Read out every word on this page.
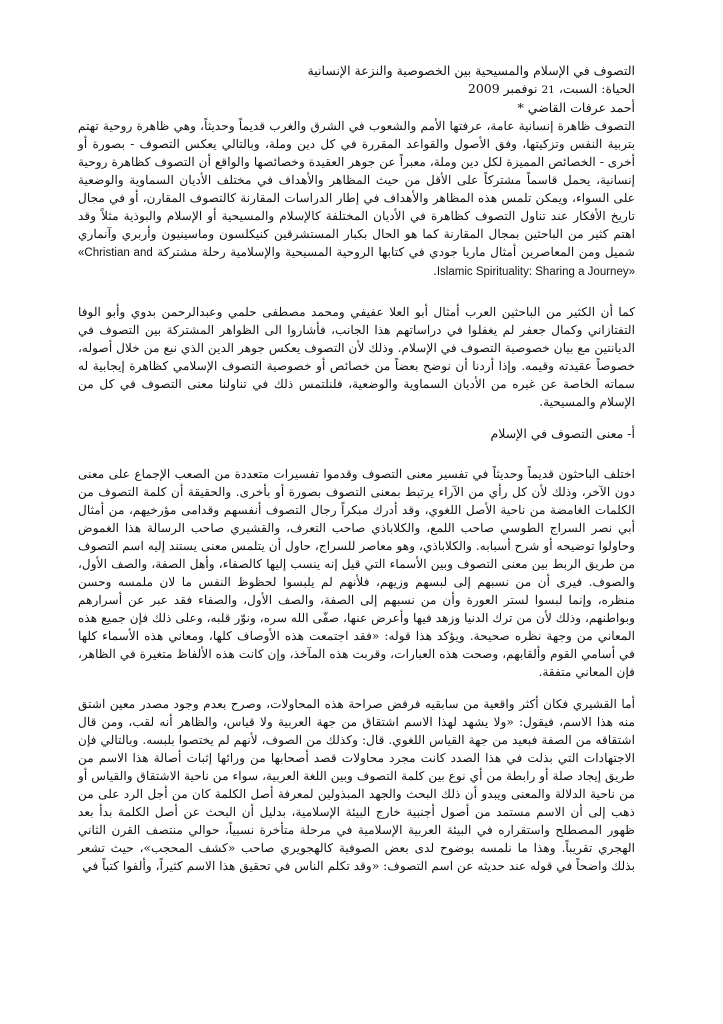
التصوف في الإسلام والمسيحية بين الخصوصية والنزعة الإنسانية

الحياة: السبت، 21 نوفمبر 2009

أحمد عرفات القاضي *

التصوف ظاهرة إنسانية عامة، عرفتها الأمم والشعوب في الشرق والغرب قديماً وحديثاً، وهي ظاهرة روحية تهتم بتربية النفس وتزكيتها، وفق الأصول والقواعد المقررة في كل دين وملة، وبالتالي يعكس التصوف - بصورة أو أخرى - الخصائص المميزة لكل دين وملة، معبراً عن جوهر العقيدة وخصائصها والواقع أن التصوف كظاهرة روحية إنسانية، يحمل قاسماً مشتركاً على الأقل من حيث المظاهر والأهداف في مختلف الأديان السماوية والوضعية على السواء، ويمكن تلمس هذه المظاهر والأهداف في إطار الدراسات المقارنة كالتصوف المقارن، أو في مجال تاريخ الأفكار عند تناول التصوف كظاهرة في الأديان المختلفة كالإسلام والمسيحية أو الإسلام والبوذية مثلاً وقد اهتم كثير من الباحثين بمجال المقارنة كما هو الحال بكبار المستشرقين كنيكلسون وماسينيون وأربري وآنماري شميل ومن المعاصرين أمثال ماريا جودي في كتابها الروحية المسيحية والإسلامية رحلة مشتركة «Christian and Islamic Spirituality: Sharing a Journey».

كما أن الكثير من الباحثين العرب أمثال أبو العلا عفيفي ومحمد مصطفى حلمي وعبدالرحمن بدوي وأبو الوفا التفتازاني وكمال جعفر لم يغفلوا في دراساتهم هذا الجانب، فأشاروا الى الظواهر المشتركة بين التصوف في الديانتين مع بيان خصوصية التصوف في الإسلام. وذلك لأن التصوف يعكس جوهر الدين الذي نبع من خلال أصوله، خصوصاً عقيدته وقيمه. وإذا أردنا أن نوضح بعضاً من خصائص أو خصوصية التصوف الإسلامي كظاهرة إيجابية له سماته الخاصة عن غيره من الأديان السماوية والوضعية، فلنلتمس ذلك في تناولنا معنى التصوف في كل من الإسلام والمسيحية.

أ- معنى التصوف في الإسلام

اختلف الباحثون قديماً وحديثاً في تفسير معنى التصوف وقدموا تفسيرات متعددة من الصعب الإجماع على معنى دون الآخر، وذلك لأن كل رأي من الآراء يرتبط بمعنى التصوف بصورة أو بأخرى. والحقيقة أن كلمة التصوف من الكلمات الغامضة من ناحية الأصل اللغوي، وقد أدرك مبكراً رجال التصوف أنفسهم وقدامى مؤرخيهم، من أمثال أبي نصر السراج الطوسي صاحب اللمع، والكلاباذي صاحب التعرف، والقشيري صاحب الرسالة هذا الغموض وحاولوا توضيحه أو شرح أسبابه. والكلاباذي، وهو معاصر للسراج، حاول أن يتلمس معنى يستند إليه اسم التصوف من طريق الربط بين معنى التصوف وبين الأسماء التي قيل إنه ينسب إليها كالصفاء، وأهل الصفة، والصف الأول، والصوف. فيرى أن من نسبهم إلى لبسهم وزيهم، فلأنهم لم يلبسوا لحظوظ النفس ما لان ملمسه وحسن منظره، وإنما لبسوا لستر العورة وأن من نسبهم إلى الصفة، والصف الأول، والصفاء فقد عبر عن أسرارهم وبواطنهم، وذلك لأن من ترك الدنيا وزهد فيها وأعرض عنها، صفّى الله سره، ونوّر قلبه، وعلى ذلك فإن جميع هذه المعاني من وجهة نظره صحيحة. ويؤكد هذا قوله: «فقد اجتمعت هذه الأوصاف كلها، ومعاني هذه الأسماء كلها في أسامي القوم وألقابهم، وصحت هذه العبارات، وقربت هذه المآخذ، وإن كانت هذه الألفاظ متغيرة في الظاهر، فإن المعاني متفقة.

أما القشيري فكان أكثر واقعية من سابقيه فرفض صراحة هذه المحاولات، وصرح بعدم وجود مصدر معين اشتق منه هذا الاسم، فيقول: «ولا يشهد لهذا الاسم اشتقاق من جهة العربية ولا قياس، والظاهر أنه لقب، ومن قال اشتقاقه من الصفة فبعيد من جهة القياس اللغوي. قال: وكذلك من الصوف، لأنهم لم يختصوا بلبسه. وبالتالي فإن الاجتهادات التي بذلت في هذا الصدد كانت مجرد محاولات قصد أصحابها من ورائها إثبات أصالة هذا الاسم من طريق إيجاد صلة أو رابطة من أي نوع بين كلمة التصوف وبين اللغة العربية، سواء من ناحية الاشتقاق والقياس أو من ناحية الدلالة والمعنى ويبدو أن ذلك البحث والجهد المبذولين لمعرفة أصل الكلمة كان من أجل الرد على من ذهب إلى أن الاسم مستمد من أصول أجنبية خارج البيئة الإسلامية، بدليل أن البحث عن أصل الكلمة بدأ بعد ظهور المصطلح واستقراره في البيئة العربية الإسلامية في مرحلة متأخرة نسبياً، حوالي منتصف القرن الثاني الهجري تقريباً. وهذا ما نلمسه بوضوح لدى بعض الصوفية كالهجويري صاحب «كشف المحجب»، حيث تشعر بذلك واضحاً في قوله عند حديثه عن اسم التصوف: «وقد تكلم الناس في تحقيق هذا الاسم كثيراً، وألفوا كتباً في
